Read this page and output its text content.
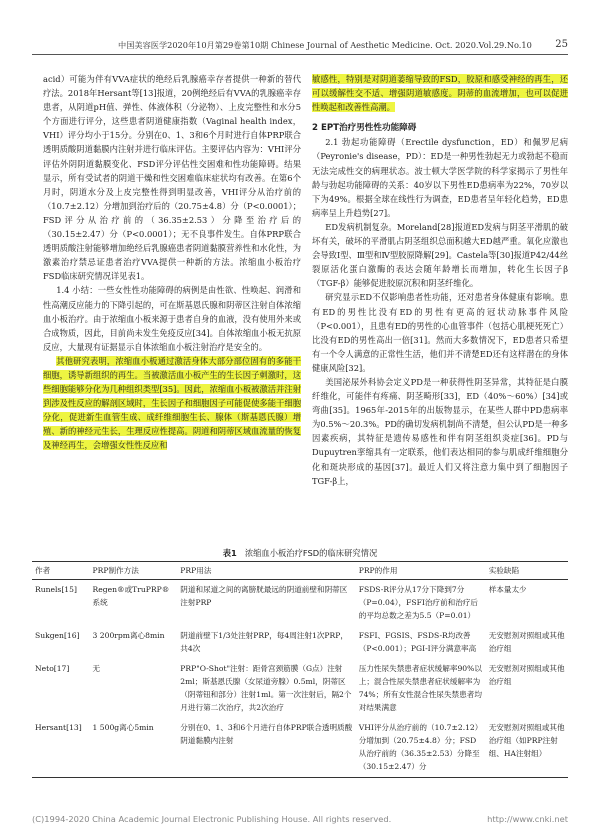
中国美容医学2020年10月第29卷第10期 Chinese Journal of Aesthetic Medicine. Oct. 2020.Vol.29.No.10 25

acid）可能为伴有VVA症状的绝经后乳腺癌幸存者提供一种新的替代疗法。2018年Hersant等[13]报道，20例绝经后有VVA的乳腺癌幸存患者，从阴道pH值、弹性、体液体积（分泌物）、上皮完整性和水分5个方面进行评分，这些患者阴道健康指数（Vaginal health index，VHI）评分均小于15分。分别在0、1、3和6个月时进行自体PRP联合透明质酸阴道黏膜内注射并进行临床评估。主要评估内容为：VHI评分评估外阴阴道黏膜变化、FSD评分评估性交困难和性功能障碍。结果显示，所有受试者的阴道干燥和性交困难临床症状均有改善。在第6个月时，阴道水分及上皮完整性得到明显改善，VHI评分从治疗前的（10.7±2.12）分增加到治疗后的（20.75±4.8）分（P<0.0001）；FSD评分从治疗前的（36.35±2.53）分降至治疗后的（30.15±2.47）分（P<0.0001）；无不良事件发生。自体PRP联合透明质酸注射能够增加绝经后乳腺癌患者阴道黏膜营养性和水化性，为激素治疗禁忌证患者治疗VVA提供一种新的方法。浓缩血小板治疗FSD临床研究情况详见表1。

1.4 小结：一些女性性功能障碍的病例是由性欲、性唤起、润滑和性高潮反应能力的下降引起的，可在斯基恩氏腺和阴蒂区注射自体浓缩血小板治疗。由于浓缩血小板来源于患者自身的血液，没有使用外来或合成物质，因此，目前尚未发生免疫反应[34]。自体浓缩血小板无抗原反应，大量现有证据显示自体浓缩血小板注射治疗是安全的。

其他研究表明，浓缩血小板通过激活身体大部分部位固有的多能干细胞，诱导新组织的再生。当被激活血小板产生的生长因子刺激时，这些细胞能够分化为几种组织类型[35]。因此，浓缩血小板被激活并注射到涉及性反应的解剖区域时，生长因子和细胞因子可能促使多能干细胞分化，促进新生血管生成、成纤维细胞生长、腺体（斯基恩氏腺）增殖、新的神经元生长，生理反应性提高。阴道和阴蒂区域血流量的恢复及神经再生，会增强女性性反应和

敏感性，特别是对阴道萎缩导致的FSD，胶原和感受神经的再生，还可以缓解性交不适、增强阴道敏感度。阴蒂的血流增加，也可以促进性唤起和改善性高潮。

2 EPT治疗男性性功能障碍

2.1 勃起功能障碍（Erectile dysfunction，ED）和佩罗尼病（Peyronie's disease，PD）：ED是一种男性勃起无力或勃起不稳而无法完成性交的病理状态。波士顿大学医学院的科学家揭示了男性年龄与勃起功能障碍的关系：40岁以下男性ED患病率为22%，70岁以下为49%。根据全球在线性行为调查，ED患者呈年轻化趋势，ED患病率呈上升趋势[27]。

ED发病机制复杂。Moreland[28]报道ED发病与阴茎平滑肌的破坏有关，破坏的平滑肌占阴茎组织总面积越大ED越严重。氧化应激也会导致Ⅰ型、Ⅲ型和Ⅳ型胶原降解[29]。Castela等[30]报道P42/44丝裂原活化蛋白激酶的表达会随年龄增长而增加，转化生长因子β（TGF-β）能够促进胶原沉积和阴茎纤维化。

研究显示ED不仅影响患者性功能，还对患者身体健康有影响。患有ED的男性比没有ED的男性有更高的冠状动脉事件风险（P<0.001），且患有ED的男性的心血管事件（包括心肌梗死死亡）比没有ED的男性高出一倍[31]。然而大多数情况下，ED患者只希望有一个令人满意的正常性生活，他们并不清楚ED还有这样潜在的身体健康风险[32]。

美国泌尿外科协会定义PD是一种获得性阴茎异常，其特征是白膜纤维化，可能伴有疼痛、阴茎畸形[33]，ED（40%～60%）[34]或弯曲[35]。1965年-2015年的出版物显示，在某些人群中PD患病率为0.5%～20.3%。PD的确切发病机制尚不清楚，但公认PD是一种多因素疾病，其特征是遗传易感性和伴有阴茎组织炎症[36]。PD与Dupuytren挛缩具有一定联系，他们表达相同的参与肌成纤维细胞分化和斑块形成的基因[37]。最近人们又将注意力集中到了细胞因子TGF-β上，

表1 浓缩血小板治疗FSD的临床研究情况
作者	PRP制作方法	PRP用法	PRP的作用	实验缺陷
Runels[15]	Regen®或TruPRP®系统	阴道和尿道之间的离膀胱最远的阴道前壁和阴蒂区注射PRP	FSDS-R评分从17分下降到7分（P=0.04），FSFI治疗前和治疗后的平均总数之差为5.5（P=0.01）	样本量太少
Sukgen[16]	3 200rpm离心8min	阴道前壁下1/3处注射PRP，每4周注射1次PRP，共4次	FSFI、FGSIS、FSDS-R均改善（P<0.001）；PGI-I评分满意率高	无安慰剂对照组或其他治疗组
Neto[17]	无	PRP"O-Shot"注射：距骨宫颈筋膜（G点）注射2ml；斯基恩氏腺（女尿道旁腺）0.5ml，阴蒂区（阴蒂钮和部分）注射1ml。第一次注射后，隔2个月进行第二次治疗，共2次治疗	压力性尿失禁患者症状缓解率90%以上；混合性尿失禁患者症状缓解率为74%；所有女性混合性尿失禁患者均对结果满意	无安慰剂对照组或其他治疗组
Hersant[13]	1 500g离心5min	分别在0、1、3和6个月进行自体PRP联合透明质酸阴道黏膜内注射	VHI评分从治疗前的（10.7±2.12）分增加到（20.75±4.8）分；FSD从治疗前的（36.35±2.53）分降至（30.15±2.47）分	无安慰剂对照组或其他治疗组（如PRP注射组、HA注射组）
(C)1994-2020 China Academic Journal Electronic Publishing House. All rights reserved.	http://www.cnki.net
